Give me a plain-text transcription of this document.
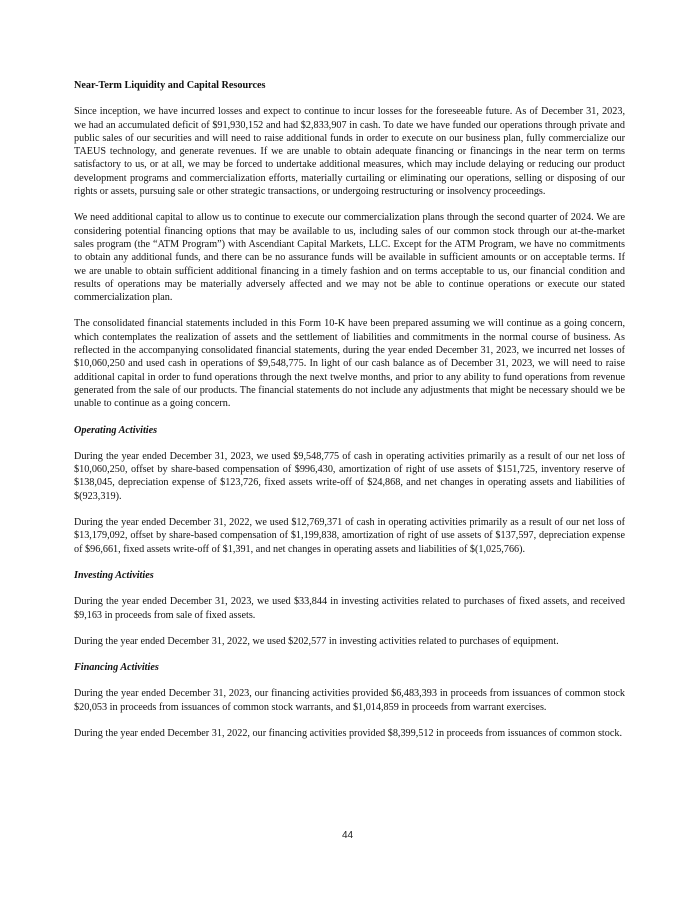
Near-Term Liquidity and Capital Resources

Since inception, we have incurred losses and expect to continue to incur losses for the foreseeable future. As of December 31, 2023, we had an accumulated deficit of $91,930,152 and had $2,833,907 in cash. To date we have funded our operations through private and public sales of our securities and will need to raise additional funds in order to execute on our business plan, fully commercialize our TAEUS technology, and generate revenues. If we are unable to obtain adequate financing or financings in the near term on terms satisfactory to us, or at all, we may be forced to undertake additional measures, which may include delaying or reducing our product development programs and commercialization efforts, materially curtailing or eliminating our operations, selling or disposing of our rights or assets, pursuing sale or other strategic transactions, or undergoing restructuring or insolvency proceedings.

We need additional capital to allow us to continue to execute our commercialization plans through the second quarter of 2024. We are considering potential financing options that may be available to us, including sales of our common stock through our at-the-market sales program (the “ATM Program”) with Ascendiant Capital Markets, LLC. Except for the ATM Program, we have no commitments to obtain any additional funds, and there can be no assurance funds will be available in sufficient amounts or on acceptable terms. If we are unable to obtain sufficient additional financing in a timely fashion and on terms acceptable to us, our financial condition and results of operations may be materially adversely affected and we may not be able to continue operations or execute our stated commercialization plan.

The consolidated financial statements included in this Form 10-K have been prepared assuming we will continue as a going concern, which contemplates the realization of assets and the settlement of liabilities and commitments in the normal course of business. As reflected in the accompanying consolidated financial statements, during the year ended December 31, 2023, we incurred net losses of $10,060,250 and used cash in operations of $9,548,775. In light of our cash balance as of December 31, 2023, we will need to raise additional capital in order to fund operations through the next twelve months, and prior to any ability to fund operations from revenue generated from the sale of our products. The financial statements do not include any adjustments that might be necessary should we be unable to continue as a going concern.

Operating Activities

During the year ended December 31, 2023, we used $9,548,775 of cash in operating activities primarily as a result of our net loss of $10,060,250, offset by share-based compensation of $996,430, amortization of right of use assets of $151,725, inventory reserve of $138,045, depreciation expense of $123,726, fixed assets write-off of $24,868, and net changes in operating assets and liabilities of $(923,319).

During the year ended December 31, 2022, we used $12,769,371 of cash in operating activities primarily as a result of our net loss of $13,179,092, offset by share-based compensation of $1,199,838, amortization of right of use assets of $137,597, depreciation expense of $96,661, fixed assets write-off of $1,391, and net changes in operating assets and liabilities of $(1,025,766).

Investing Activities

During the year ended December 31, 2023, we used $33,844 in investing activities related to purchases of fixed assets, and received $9,163 in proceeds from sale of fixed assets.

During the year ended December 31, 2022, we used $202,577 in investing activities related to purchases of equipment.

Financing Activities

During the year ended December 31, 2023, our financing activities provided $6,483,393 in proceeds from issuances of common stock $20,053 in proceeds from issuances of common stock warrants, and $1,014,859 in proceeds from warrant exercises.

During the year ended December 31, 2022, our financing activities provided $8,399,512 in proceeds from issuances of common stock.

44
